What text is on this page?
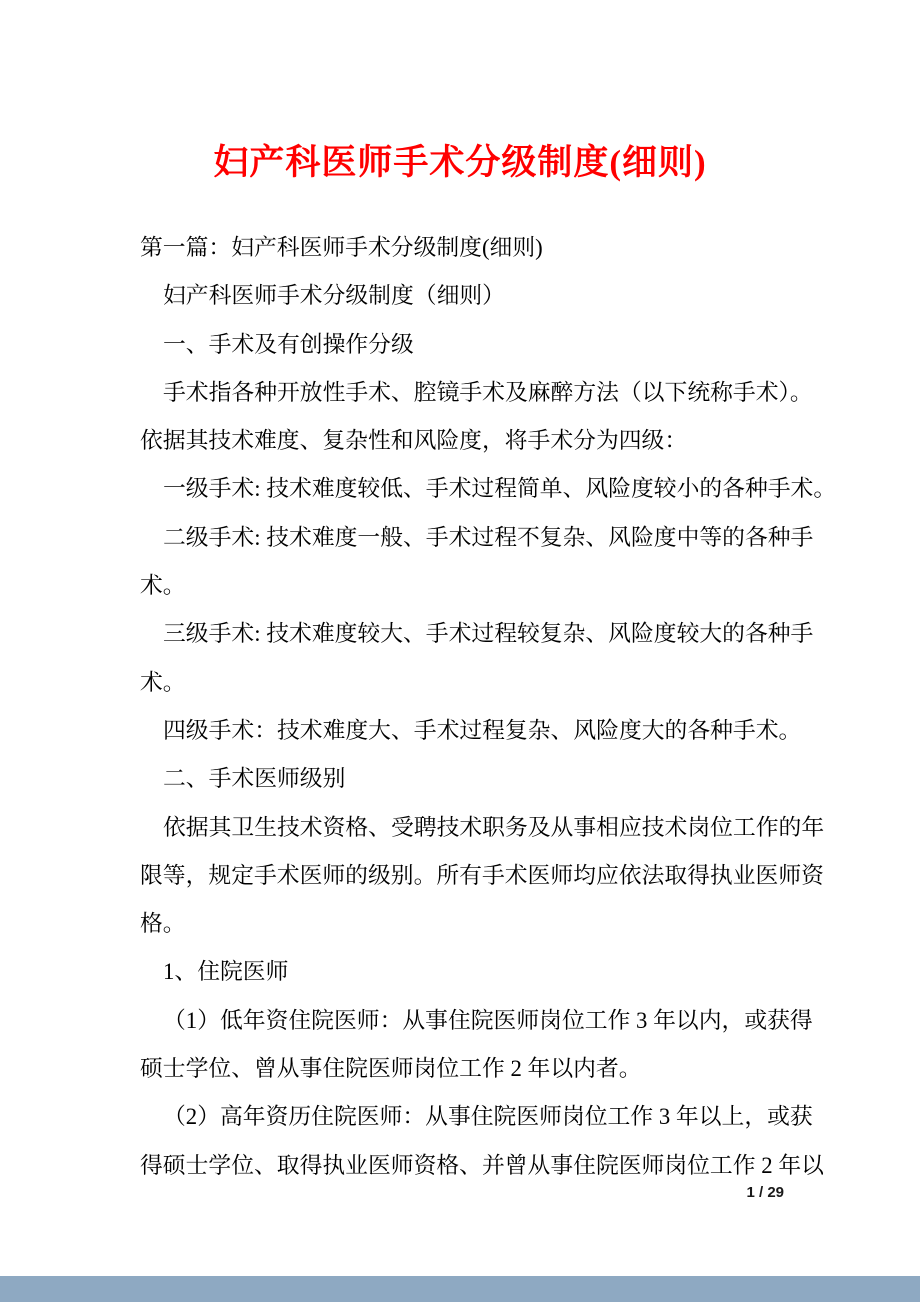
妇产科医师手术分级制度(细则)
第一篇：妇产科医师手术分级制度(细则)
妇产科医师手术分级制度（细则）
一、手术及有创操作分级
手术指各种开放性手术、腔镜手术及麻醉方法（以下统称手术）。
依据其技术难度、复杂性和风险度，将手术分为四级：
一级手术: 技术难度较低、手术过程简单、风险度较小的各种手术。
二级手术: 技术难度一般、手术过程不复杂、风险度中等的各种手
术。
三级手术: 技术难度较大、手术过程较复杂、风险度较大的各种手
术。
四级手术：技术难度大、手术过程复杂、风险度大的各种手术。
二、手术医师级别
依据其卫生技术资格、受聘技术职务及从事相应技术岗位工作的年
限等，规定手术医师的级别。所有手术医师均应依法取得执业医师资
格。
1、住院医师
（1）低年资住院医师：从事住院医师岗位工作 3 年以内，或获得
硕士学位、曾从事住院医师岗位工作 2 年以内者。
（2）高年资历住院医师：从事住院医师岗位工作 3 年以上，或获
得硕士学位、取得执业医师资格、并曾从事住院医师岗位工作 2 年以
1 / 29
